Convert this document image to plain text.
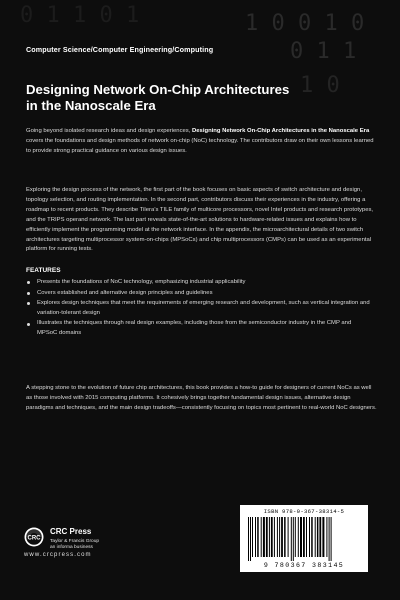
1 0 0 1 0
0 1 1
1 0
0 1 1 0 1
Computer Science/Computer Engineering/Computing
Designing Network On-Chip Architectures
in the Nanoscale Era

Going beyond isolated research ideas and design experiences, Designing Network On-Chip Architectures in the Nanoscale Era covers the foundations and design methods of network on-chip (NoC) technology. The contributors draw on their own lessons learned to provide strong practical guidance on various design issues.

Exploring the design process of the network, the first part of the book focuses on basic aspects of switch architecture and design, topology selection, and routing implementation. In the second part, contributors discuss their experiences in the industry, offering a roadmap to recent products. They describe Tilera’s TILE family of multicore processors, novel Intel products and research prototypes, and the TRIPS operand network. The last part reveals state-of-the-art solutions to hardware-related issues and explains how to efficiently implement the programming model at the network interface. In the appendix, the microarchitectural details of two switch architectures targeting multiprocessor system-on-chips (MPSoCs) and chip multiprocessors (CMPs) can be used as an experimental platform for running tests.

FEATURES
Presents the foundations of NoC technology, emphasizing industrial applicability
Covers established and alternative design principles and guidelines
Explores design techniques that meet the requirements of emerging research and development, such as vertical integration and variation-tolerant design
Illustrates the techniques through real design examples, including those from the semiconductor industry in the CMP and MPSoC domains

A stepping stone to the evolution of future chip architectures, this book provides a how-to guide for designers of current NoCs as well as those involved with 2015 computing platforms. It cohesively brings together fundamental design issues, alternative design paradigms and techniques, and the main design tradeoffs—consistently focusing on topics most pertinent to real-world NoC designers.

CRC
CRC Press
Taylor & Francis Group
an informa business
www.crcpress.com
ISBN 978-0-367-38314-5
9 780367 383145
